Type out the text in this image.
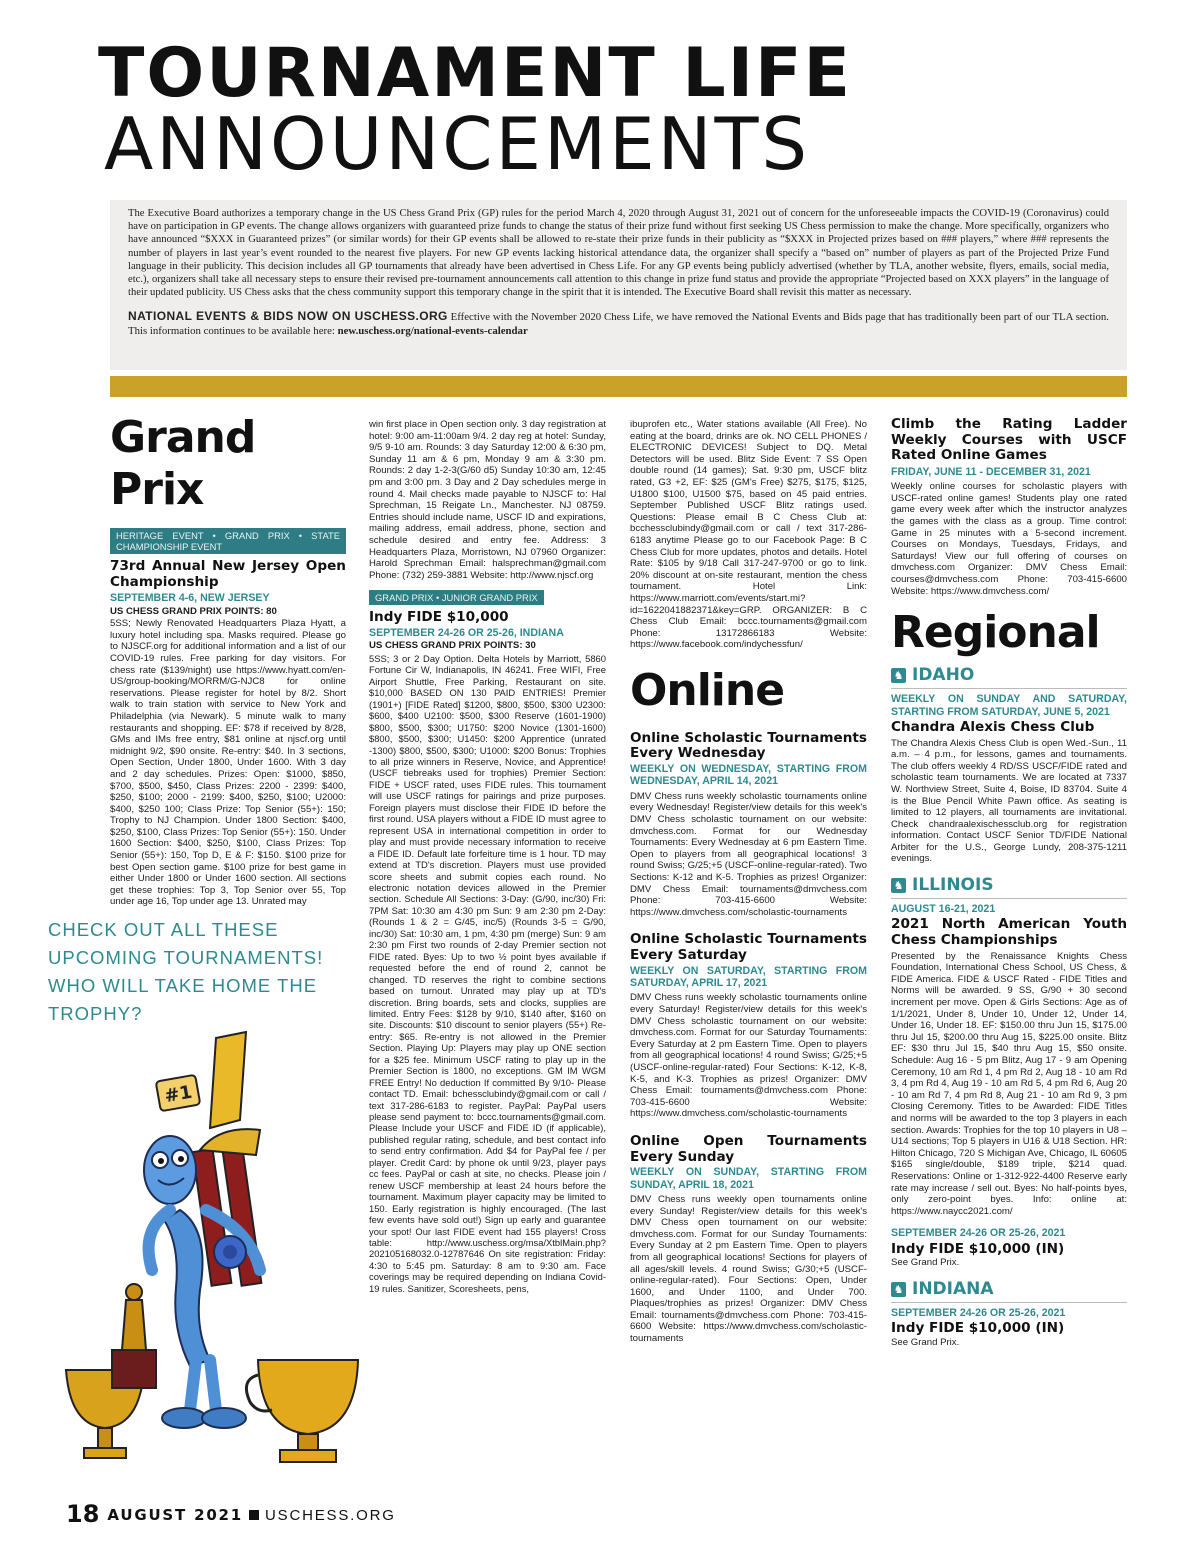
TOURNAMENT LIFE
ANNOUNCEMENTS

The Executive Board authorizes a temporary change in the US Chess Grand Prix (GP) rules for the period March 4, 2020 through August 31, 2021 out of concern for the unforeseeable impacts the COVID-19 (Coronavirus) could have on participation in GP events. The change allows organizers with guaranteed prize funds to change the status of their prize fund without first seeking US Chess permission to make the change. More specifically, organizers who have announced “$XXX in Guaranteed prizes” (or similar words) for their GP events shall be allowed to re-state their prize funds in their publicity as “$XXX in Projected prizes based on ### players,” where ### represents the number of players in last year’s event rounded to the nearest five players. For new GP events lacking historical attendance data, the organizer shall specify a “based on” number of players as part of the Projected Prize Fund language in their publicity. This decision includes all GP tournaments that already have been advertised in Chess Life. For any GP events being publicly advertised (whether by TLA, another website, flyers, emails, social media, etc.), organizers shall take all necessary steps to ensure their revised pre-tournament announcements call attention to this change in prize fund status and provide the appropriate “Projected based on XXX players” in the language of their updated publicity. US Chess asks that the chess community support this temporary change in the spirit that it is intended. The Executive Board shall revisit this matter as necessary.

NATIONAL EVENTS & BIDS NOW ON USCHESS.ORG Effective with the November 2020 Chess Life, we have removed the National Events and Bids page that has traditionally been part of our TLA section. This information continues to be available here: new.uschess.org/national-events-calendar

Grand Prix
HERITAGE EVENT • GRAND PRIX • STATE CHAMPIONSHIP EVENT
73rd Annual New Jersey Open Championship
SEPTEMBER 4-6, NEW JERSEY
US CHESS GRAND PRIX POINTS: 80

5SS; Newly Renovated Headquarters Plaza Hyatt, a luxury hotel including spa. Masks required. Please go to NJSCF.org for additional information and a list of our COVID-19 rules. Free parking for day visitors. For chess rate ($139/night) use https://www.hyatt.com/en-US/group-booking/MORRM/G-NJC8 for online reservations. Please register for hotel by 8/2. Short walk to train station with service to New York and Philadelphia (via Newark). 5 minute walk to many restaurants and shopping. EF: $78 if received by 8/28, GMs and IMs free entry, $81 online at njscf.org until midnight 9/2, $90 onsite. Re-entry: $40. In 3 sections, Open Section, Under 1800, Under 1600. With 3 day and 2 day schedules. Prizes: Open: $1000, $850, $700, $500, $450, Class Prizes: 2200 - 2399: $400, $250, $100; 2000 - 2199: $400, $250, $100; U2000: $400, $250 100; Class Prize: Top Senior (55+): 150; Trophy to NJ Champion. Under 1800 Section: $400, $250, $100, Class Prizes: Top Senior (55+): 150. Under 1600 Section: $400, $250, $100, Class Prizes: Top Senior (55+): 150, Top D, E & F: $150. $100 prize for best Open section game. $100 prize for best game in either Under 1800 or Under 1600 section. All sections get these trophies: Top 3, Top Senior over 55, Top under age 16, Top under age 13. Unrated may

win first place in Open section only. 3 day registration at hotel: 9:00 am-11:00am 9/4. 2 day reg at hotel: Sunday, 9/5 9-10 am. Rounds: 3 day Saturday 12:00 & 6:30 pm, Sunday 11 am & 6 pm, Monday 9 am & 3:30 pm. Rounds: 2 day 1-2-3(G/60 d5) Sunday 10:30 am, 12:45 pm and 3:00 pm. 3 Day and 2 Day schedules merge in round 4. Mail checks made payable to NJSCF to: Hal Sprechman, 15 Reigate Ln., Manchester. NJ 08759. Entries should include name, USCF ID and expirations, mailing address, email address, phone, section and schedule desired and entry fee. Address: 3 Headquarters Plaza, Morristown, NJ 07960 Organizer: Harold Sprechman Email: halsprechman@gmail.com Phone: (732) 259-3881 Website: http://www.njscf.org

GRAND PRIX • JUNIOR GRAND PRIX
Indy FIDE $10,000
SEPTEMBER 24-26 OR 25-26, INDIANA
US CHESS GRAND PRIX POINTS: 30

5SS; 3 or 2 Day Option. Delta Hotels by Marriott, 5860 Fortune Cir W, Indianapolis, IN 46241. Free WIFI, Free Airport Shuttle, Free Parking, Restaurant on site. $10,000 BASED ON 130 PAID ENTRIES! Premier (1901+) [FIDE Rated] $1200, $800, $500, $300 U2300: $600, $400 U2100: $500, $300 Reserve (1601-1900) $800, $500, $300; U1750: $200 Novice (1301-1600) $800, $500, $300; U1450: $200 Apprentice (unrated -1300) $800, $500, $300; U1000: $200 Bonus: Trophies to all prize winners in Reserve, Novice, and Apprentice! (USCF tiebreaks used for trophies) Premier Section: FIDE + USCF rated, uses FIDE rules. This tournament will use USCF ratings for pairings and prize purposes. Foreign players must disclose their FIDE ID before the first round. USA players without a FIDE ID must agree to represent USA in international competition in order to play and must provide necessary information to receive a FIDE ID. Default late forfeiture time is 1 hour. TD may extend at TD's discretion. Players must use provided score sheets and submit copies each round. No electronic notation devices allowed in the Premier section. Schedule All Sections: 3-Day: (G/90, inc/30) Fri: 7PM Sat: 10:30 am 4:30 pm Sun: 9 am 2:30 pm 2-Day: (Rounds 1 & 2 = G/45, inc/5) (Rounds 3-5 = G/90, inc/30) Sat: 10:30 am, 1 pm, 4:30 pm (merge) Sun: 9 am 2:30 pm First two rounds of 2-day Premier section not FIDE rated. Byes: Up to two ½ point byes available if requested before the end of round 2, cannot be changed. TD reserves the right to combine sections based on turnout. Unrated may play up at TD's discretion. Bring boards, sets and clocks, supplies are limited. Entry Fees: $128 by 9/10, $140 after, $160 on site. Discounts: $10 discount to senior players (55+) Re-entry: $65. Re-entry is not allowed in the Premier Section. Playing Up: Players may play up ONE section for a $25 fee. Minimum USCF rating to play up in the Premier Section is 1800, no exceptions. GM IM WGM FREE Entry! No deduction If committed By 9/10- Please contact TD. Email: bchessclubindy@gmail.com or call / text 317-286-6183 to register. PayPal: PayPal users please send payment to: bccc.tournaments@gmail.com. Please Include your USCF and FIDE ID (if applicable), published regular rating, schedule, and best contact info to send entry confirmation. Add $4 for PayPal fee / per player. Credit Card: by phone ok until 9/23, player pays cc fees. PayPal or cash at site, no checks. Please join / renew USCF membership at least 24 hours before the tournament. Maximum player capacity may be limited to 150. Early registration is highly encouraged. (The last few events have sold out!) Sign up early and guarantee your spot! Our last FIDE event had 155 players! Cross table: http://www.uschess.org/msa/XtblMain.php?202105168032.0-12787646 On site registration: Friday: 4:30 to 5:45 pm. Saturday: 8 am to 9:30 am. Face coverings may be required depending on Indiana Covid-19 rules. Sanitizer, Scoresheets, pens,

ibuprofen etc., Water stations available (All Free). No eating at the board, drinks are ok. NO CELL PHONES / ELECTRONIC DEVICES! Subject to DQ. Metal Detectors will be used. Blitz Side Event: 7 SS Open double round (14 games); Sat. 9:30 pm, USCF blitz rated, G3 +2, EF: $25 (GM's Free) $275, $175, $125, U1800 $100, U1500 $75, based on 45 paid entries. September Published USCF Blitz ratings used. Questions: Please email B C Chess Club at: bcchessclubindy@gmail.com or call / text 317-286-6183 anytime Please go to our Facebook Page: B C Chess Club for more updates, photos and details. Hotel Rate: $105 by 9/18 Call 317-247-9700 or go to link. 20% discount at on-site restaurant, mention the chess tournament. Hotel Link: https://www.marriott.com/events/start.mi?id=1622041882371&key=GRP. ORGANIZER: B C Chess Club Email: bccc.tournaments@gmail.com Phone: 13172866183 Website: https://www.facebook.com/indychessfun/

Online
Online Scholastic Tournaments Every Wednesday
WEEKLY ON WEDNESDAY, STARTING FROM WEDNESDAY, APRIL 14, 2021

DMV Chess runs weekly scholastic tournaments online every Wednesday! Register/view details for this week's DMV Chess scholastic tournament on our website: dmvchess.com. Format for our Wednesday Tournaments: Every Wednesday at 6 pm Eastern Time. Open to players from all geographical locations! 3 round Swiss; G/25;+5 (USCF-online-regular-rated). Two Sections: K-12 and K-5. Trophies as prizes! Organizer: DMV Chess Email: tournaments@dmvchess.com Phone: 703-415-6600 Website: https://www.dmvchess.com/scholastic-tournaments

Online Scholastic Tournaments Every Saturday
WEEKLY ON SATURDAY, STARTING FROM SATURDAY, APRIL 17, 2021

DMV Chess runs weekly scholastic tournaments online every Saturday! Register/view details for this week's DMV Chess scholastic tournament on our website: dmvchess.com. Format for our Saturday Tournaments: Every Saturday at 2 pm Eastern Time. Open to players from all geographical locations! 4 round Swiss; G/25;+5 (USCF-online-regular-rated) Four Sections: K-12, K-8, K-5, and K-3. Trophies as prizes! Organizer: DMV Chess Email: tournaments@dmvchess.com Phone: 703-415-6600 Website: https://www.dmvchess.com/scholastic-tournaments

Online Open Tournaments Every Sunday
WEEKLY ON SUNDAY, STARTING FROM SUNDAY, APRIL 18, 2021

DMV Chess runs weekly open tournaments online every Sunday! Register/view details for this week's DMV Chess open tournament on our website: dmvchess.com. Format for our Sunday Tournaments: Every Sunday at 2 pm Eastern Time. Open to players from all geographical locations! Sections for players of all ages/skill levels. 4 round Swiss; G/30;+5 (USCF-online-regular-rated). Four Sections: Open, Under 1600, and Under 1100, and Under 700. Plaques/trophies as prizes! Organizer: DMV Chess Email: tournaments@dmvchess.com Phone: 703-415-6600 Website: https://www.dmvchess.com/scholastic-tournaments

Climb the Rating Ladder Weekly Courses with USCF Rated Online Games
FRIDAY, JUNE 11 - DECEMBER 31, 2021

Weekly online courses for scholastic players with USCF-rated online games! Students play one rated game every week after which the instructor analyzes the games with the class as a group. Time control: Game in 25 minutes with a 5-second increment. Courses on Mondays, Tuesdays, Fridays, and Saturdays! View our full offering of courses on dmvchess.com Organizer: DMV Chess Email: courses@dmvchess.com Phone: 703-415-6600 Website: https://www.dmvchess.com/

Regional
♞ IDAHO
WEEKLY ON SUNDAY AND SATURDAY, STARTING FROM SATURDAY, JUNE 5, 2021
Chandra Alexis Chess Club

The Chandra Alexis Chess Club is open Wed.-Sun., 11 a.m. – 4 p.m., for lessons, games and tournaments. The club offers weekly 4 RD/SS USCF/FIDE rated and scholastic team tournaments. We are located at 7337 W. Northview Street, Suite 4, Boise, ID 83704. Suite 4 is the Blue Pencil White Pawn office. As seating is limited to 12 players, all tournaments are invitational. Check chandraalexischessclub.org for registration information. Contact USCF Senior TD/FIDE National Arbiter for the U.S., George Lundy, 208-375-1211 evenings.

♞ ILLINOIS
AUGUST 16-21, 2021
2021 North American Youth Chess Championships

Presented by the Renaissance Knights Chess Foundation, International Chess School, US Chess, & FIDE America. FIDE & USCF Rated - FIDE Titles and Norms will be awarded. 9 SS, G/90 + 30 second increment per move. Open & Girls Sections: Age as of 1/1/2021, Under 8, Under 10, Under 12, Under 14, Under 16, Under 18. EF: $150.00 thru Jun 15, $175.00 thru Jul 15, $200.00 thru Aug 15, $225.00 onsite. Blitz EF: $30 thru Jul 15, $40 thru Aug 15, $50 onsite. Schedule: Aug 16 - 5 pm Blitz, Aug 17 - 9 am Opening Ceremony, 10 am Rd 1, 4 pm Rd 2, Aug 18 - 10 am Rd 3, 4 pm Rd 4, Aug 19 - 10 am Rd 5, 4 pm Rd 6, Aug 20 - 10 am Rd 7, 4 pm Rd 8, Aug 21 - 10 am Rd 9, 3 pm Closing Ceremony. Titles to be Awarded: FIDE Titles and norms will be awarded to the top 3 players in each section. Awards: Trophies for the top 10 players in U8 – U14 sections; Top 5 players in U16 & U18 Section. HR: Hilton Chicago, 720 S Michigan Ave, Chicago, IL 60605 $165 single/double, $189 triple, $214 quad. Reservations: Online or 1-312-922-4400 Reserve early rate may increase / sell out. Byes: No half-points byes, only zero-point byes. Info: online at: https://www.naycc2021.com/

SEPTEMBER 24-26 OR 25-26, 2021
Indy FIDE $10,000 (IN)

See Grand Prix.

♞ INDIANA
SEPTEMBER 24-26 OR 25-26, 2021
Indy FIDE $10,000 (IN)

See Grand Prix.

CHECK OUT ALL THESE
UPCOMING TOURNAMENTS!
WHO WILL TAKE HOME THE
TROPHY?
#1
18 AUGUST 2021 USCHESS.ORG
